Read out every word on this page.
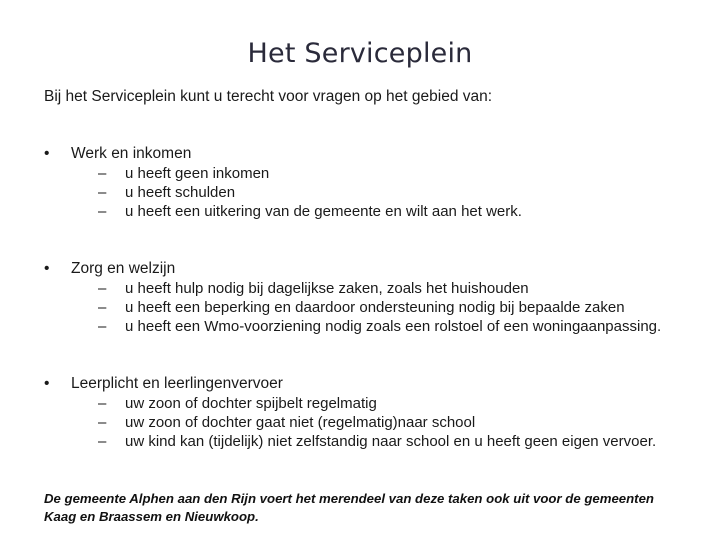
Het Serviceplein
Bij het Serviceplein kunt u terecht voor vragen op het gebied van:
•	Werk en inkomen
– u heeft geen inkomen
– u heeft schulden
– u heeft een uitkering van de gemeente en wilt aan het werk.
•	Zorg en welzijn
– u heeft hulp nodig bij dagelijkse zaken, zoals het huishouden
– u heeft een beperking en daardoor ondersteuning nodig bij bepaalde zaken
– u heeft een Wmo-voorziening nodig zoals een rolstoel of een woningaanpassing.
•	Leerplicht en leerlingenvervoer
– uw zoon of dochter spijbelt regelmatig
– uw zoon of dochter gaat niet (regelmatig)naar school
– uw kind kan (tijdelijk) niet zelfstandig naar school en u heeft geen eigen vervoer.
De gemeente Alphen aan den Rijn voert het merendeel van deze taken ook uit voor de gemeenten Kaag en Braassem en Nieuwkoop.
